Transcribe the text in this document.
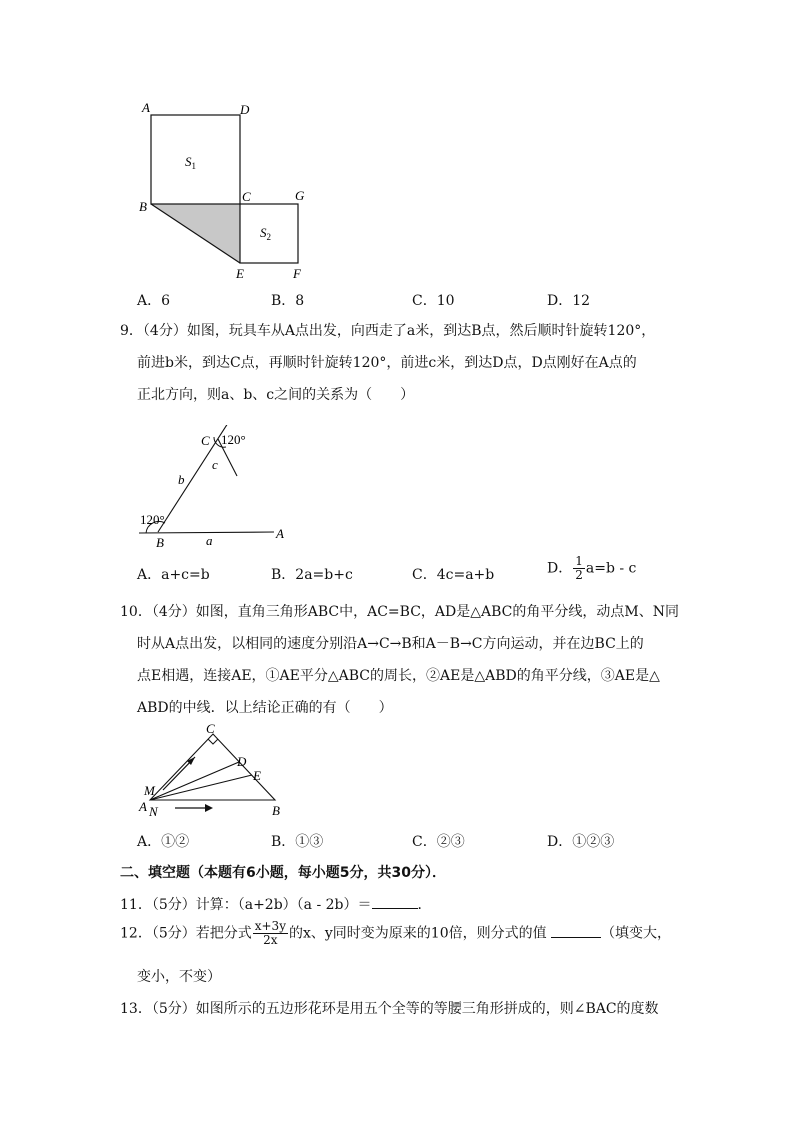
A	D
B
C	G
E	F
$S_1$
$S_2$
A．6	B．8	C．10	D．12
9．（4分）如图，玩具车从A点出发，向西走了a米，到达B点，然后顺时针旋转120°，
前进b米，到达C点，再顺时针旋转120°，前进c米，到达D点，D点刚好在A点的
正北方向，则a、b、c之间的关系为（　　）
C 120°
c
b
120°
B	a	A
A．a+c=b	B．2a=b+c	C．4c=a+b	D． $\frac{1}{2} a=b - c$
10．（4分）如图，直角三角形ABC中，AC=BC，AD是△ABC的角平分线，动点M、N同
时从A点出发，以相同的速度分别沿A→C→B和A－B→C方向运动，并在边BC上的
点E相遇，连接AE，①AE平分△ABC的周长，②AE是△ABD的角平分线，③AE是△
ABD的中线．以上结论正确的有（　　）
C
D
E
M
A N	B
A．①②	B．①③	C．②③	D．①②③
二、填空题（本题有6小题，每小题5分，共30分）．
11．（5分）计算：（a+2b）（a - 2b）＝	．
12．（5分）若把分式 $\frac{x+3y}{2x}$ 的x、y同时变为原来的10倍，则分式的值	（填变大，
变小，不变）
13．（5分）如图所示的五边形花环是用五个全等的等腰三角形拼成的，则∠BAC的度数
